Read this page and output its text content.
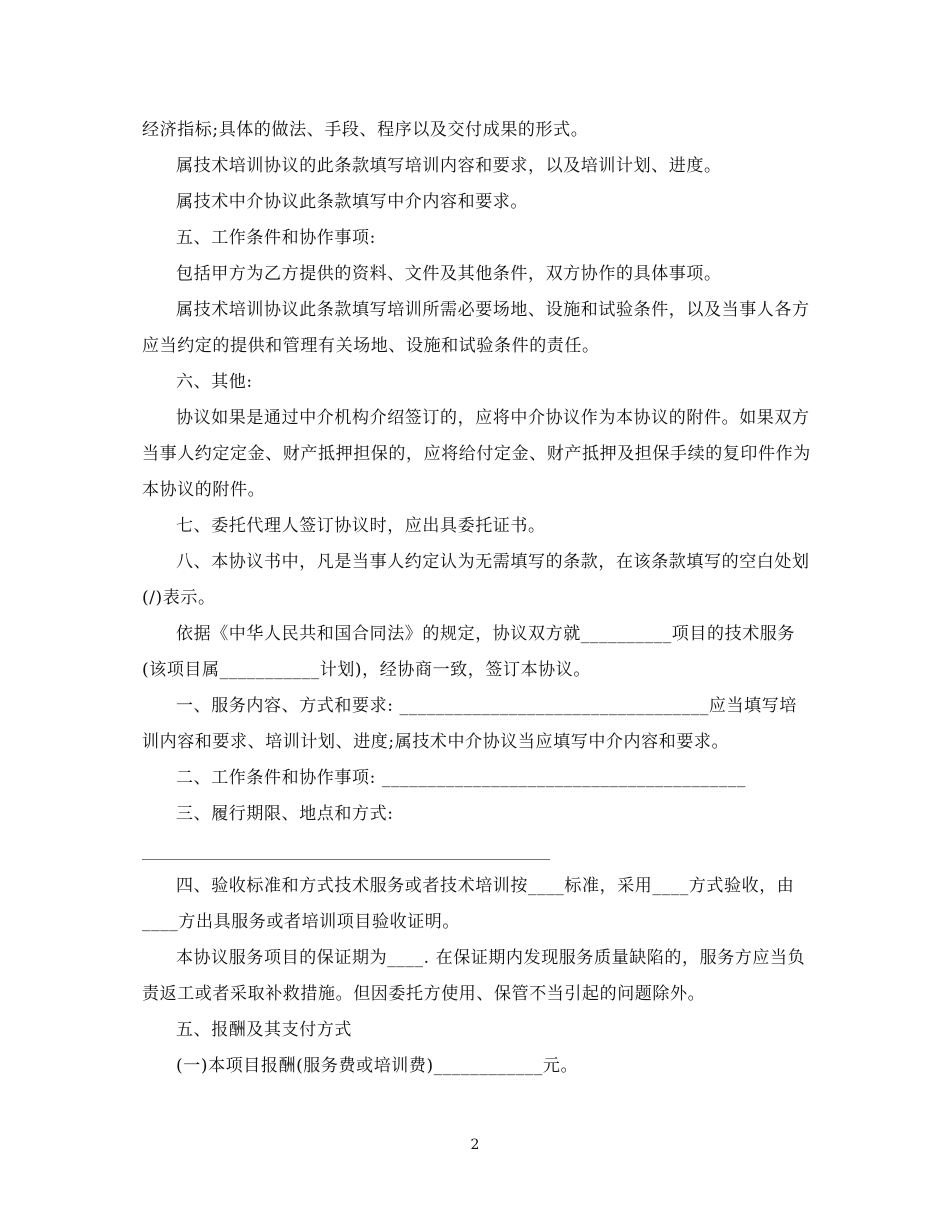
经济指标;具体的做法、手段、程序以及交付成果的形式。

属技术培训协议的此条款填写培训内容和要求，以及培训计划、进度。

属技术中介协议此条款填写中介内容和要求。

五、工作条件和协作事项:

包括甲方为乙方提供的资料、文件及其他条件，双方协作的具体事项。

属技术培训协议此条款填写培训所需必要场地、设施和试验条件，以及当事人各方应当约定的提供和管理有关场地、设施和试验条件的责任。

六、其他:

协议如果是通过中介机构介绍签订的，应将中介协议作为本协议的附件。如果双方当事人约定定金、财产抵押担保的，应将给付定金、财产抵押及担保手续的复印件作为本协议的附件。

七、委托代理人签订协议时，应出具委托证书。

八、本协议书中，凡是当事人约定认为无需填写的条款，在该条款填写的空白处划(/)表示。

依据《中华人民共和国合同法》的规定，协议双方就__________项目的技术服务(该项目属___________计划)，经协商一致，签订本协议。

一、服务内容、方式和要求: __________________________________应当填写培训内容和要求、培训计划、进度;属技术中介协议当应填写中介内容和要求。

二、工作条件和协作事项: ________________________________________

三、履行期限、地点和方式:

四、验收标准和方式技术服务或者技术培训按____标准，采用____方式验收，由____方出具服务或者培训项目验收证明。

本协议服务项目的保证期为____. 在保证期内发现服务质量缺陷的，服务方应当负责返工或者采取补救措施。但因委托方使用、保管不当引起的问题除外。

五、报酬及其支付方式

(一)本项目报酬(服务费或培训费)____________元。

2
